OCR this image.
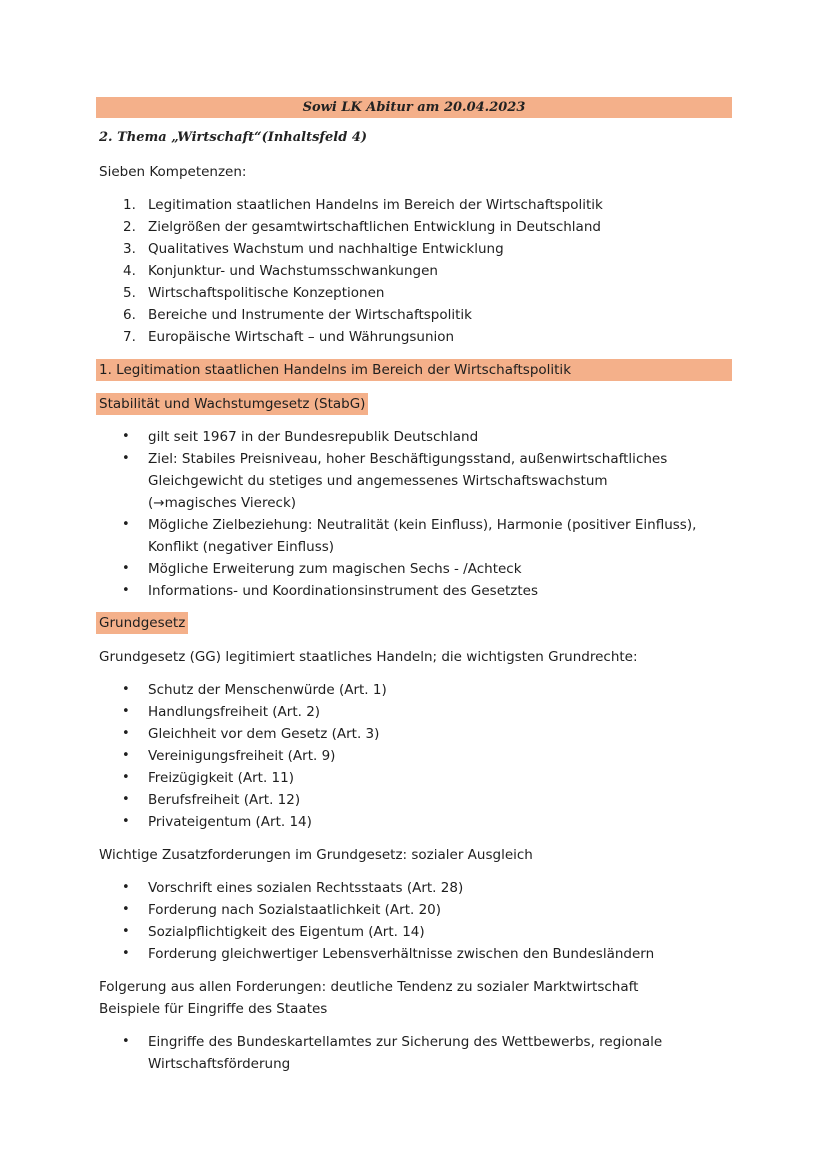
Sowi LK Abitur am 20.04.2023
2. Thema „Wirtschaft“(Inhaltsfeld 4)
Sieben Kompetenzen:
1. Legitimation staatlichen Handelns im Bereich der Wirtschaftspolitik
2. Zielgrößen der gesamtwirtschaftlichen Entwicklung in Deutschland
3. Qualitatives Wachstum und nachhaltige Entwicklung
4. Konjunktur- und Wachstumsschwankungen
5. Wirtschaftspolitische Konzeptionen
6. Bereiche und Instrumente der Wirtschaftspolitik
7. Europäische Wirtschaft – und Währungsunion
1. Legitimation staatlichen Handelns im Bereich der Wirtschaftspolitik
Stabilität und Wachstumgesetz (StabG)
• gilt seit 1967 in der Bundesrepublik Deutschland
• Ziel: Stabiles Preisniveau, hoher Beschäftigungsstand, außenwirtschaftliches Gleichgewicht du stetiges und angemessenes Wirtschaftswachstum (→magisches Viereck)
• Mögliche Zielbeziehung: Neutralität (kein Einfluss), Harmonie (positiver Einfluss), Konflikt (negativer Einfluss)
• Mögliche Erweiterung zum magischen Sechs - /Achteck
• Informations- und Koordinationsinstrument des Gesetztes
Grundgesetz
Grundgesetz (GG) legitimiert staatliches Handeln; die wichtigsten Grundrechte:
• Schutz der Menschenwürde (Art. 1)
• Handlungsfreiheit (Art. 2)
• Gleichheit vor dem Gesetz (Art. 3)
• Vereinigungsfreiheit (Art. 9)
• Freizügigkeit (Art. 11)
• Berufsfreiheit (Art. 12)
• Privateigentum (Art. 14)
Wichtige Zusatzforderungen im Grundgesetz: sozialer Ausgleich
• Vorschrift eines sozialen Rechtsstaats (Art. 28)
• Forderung nach Sozialstaatlichkeit (Art. 20)
• Sozialpflichtigkeit des Eigentum (Art. 14)
• Forderung gleichwertiger Lebensverhältnisse zwischen den Bundesländern
Folgerung aus allen Forderungen: deutliche Tendenz zu sozialer Marktwirtschaft
Beispiele für Eingriffe des Staates
• Eingriffe des Bundeskartellamtes zur Sicherung des Wettbewerbs, regionale Wirtschaftsförderung
